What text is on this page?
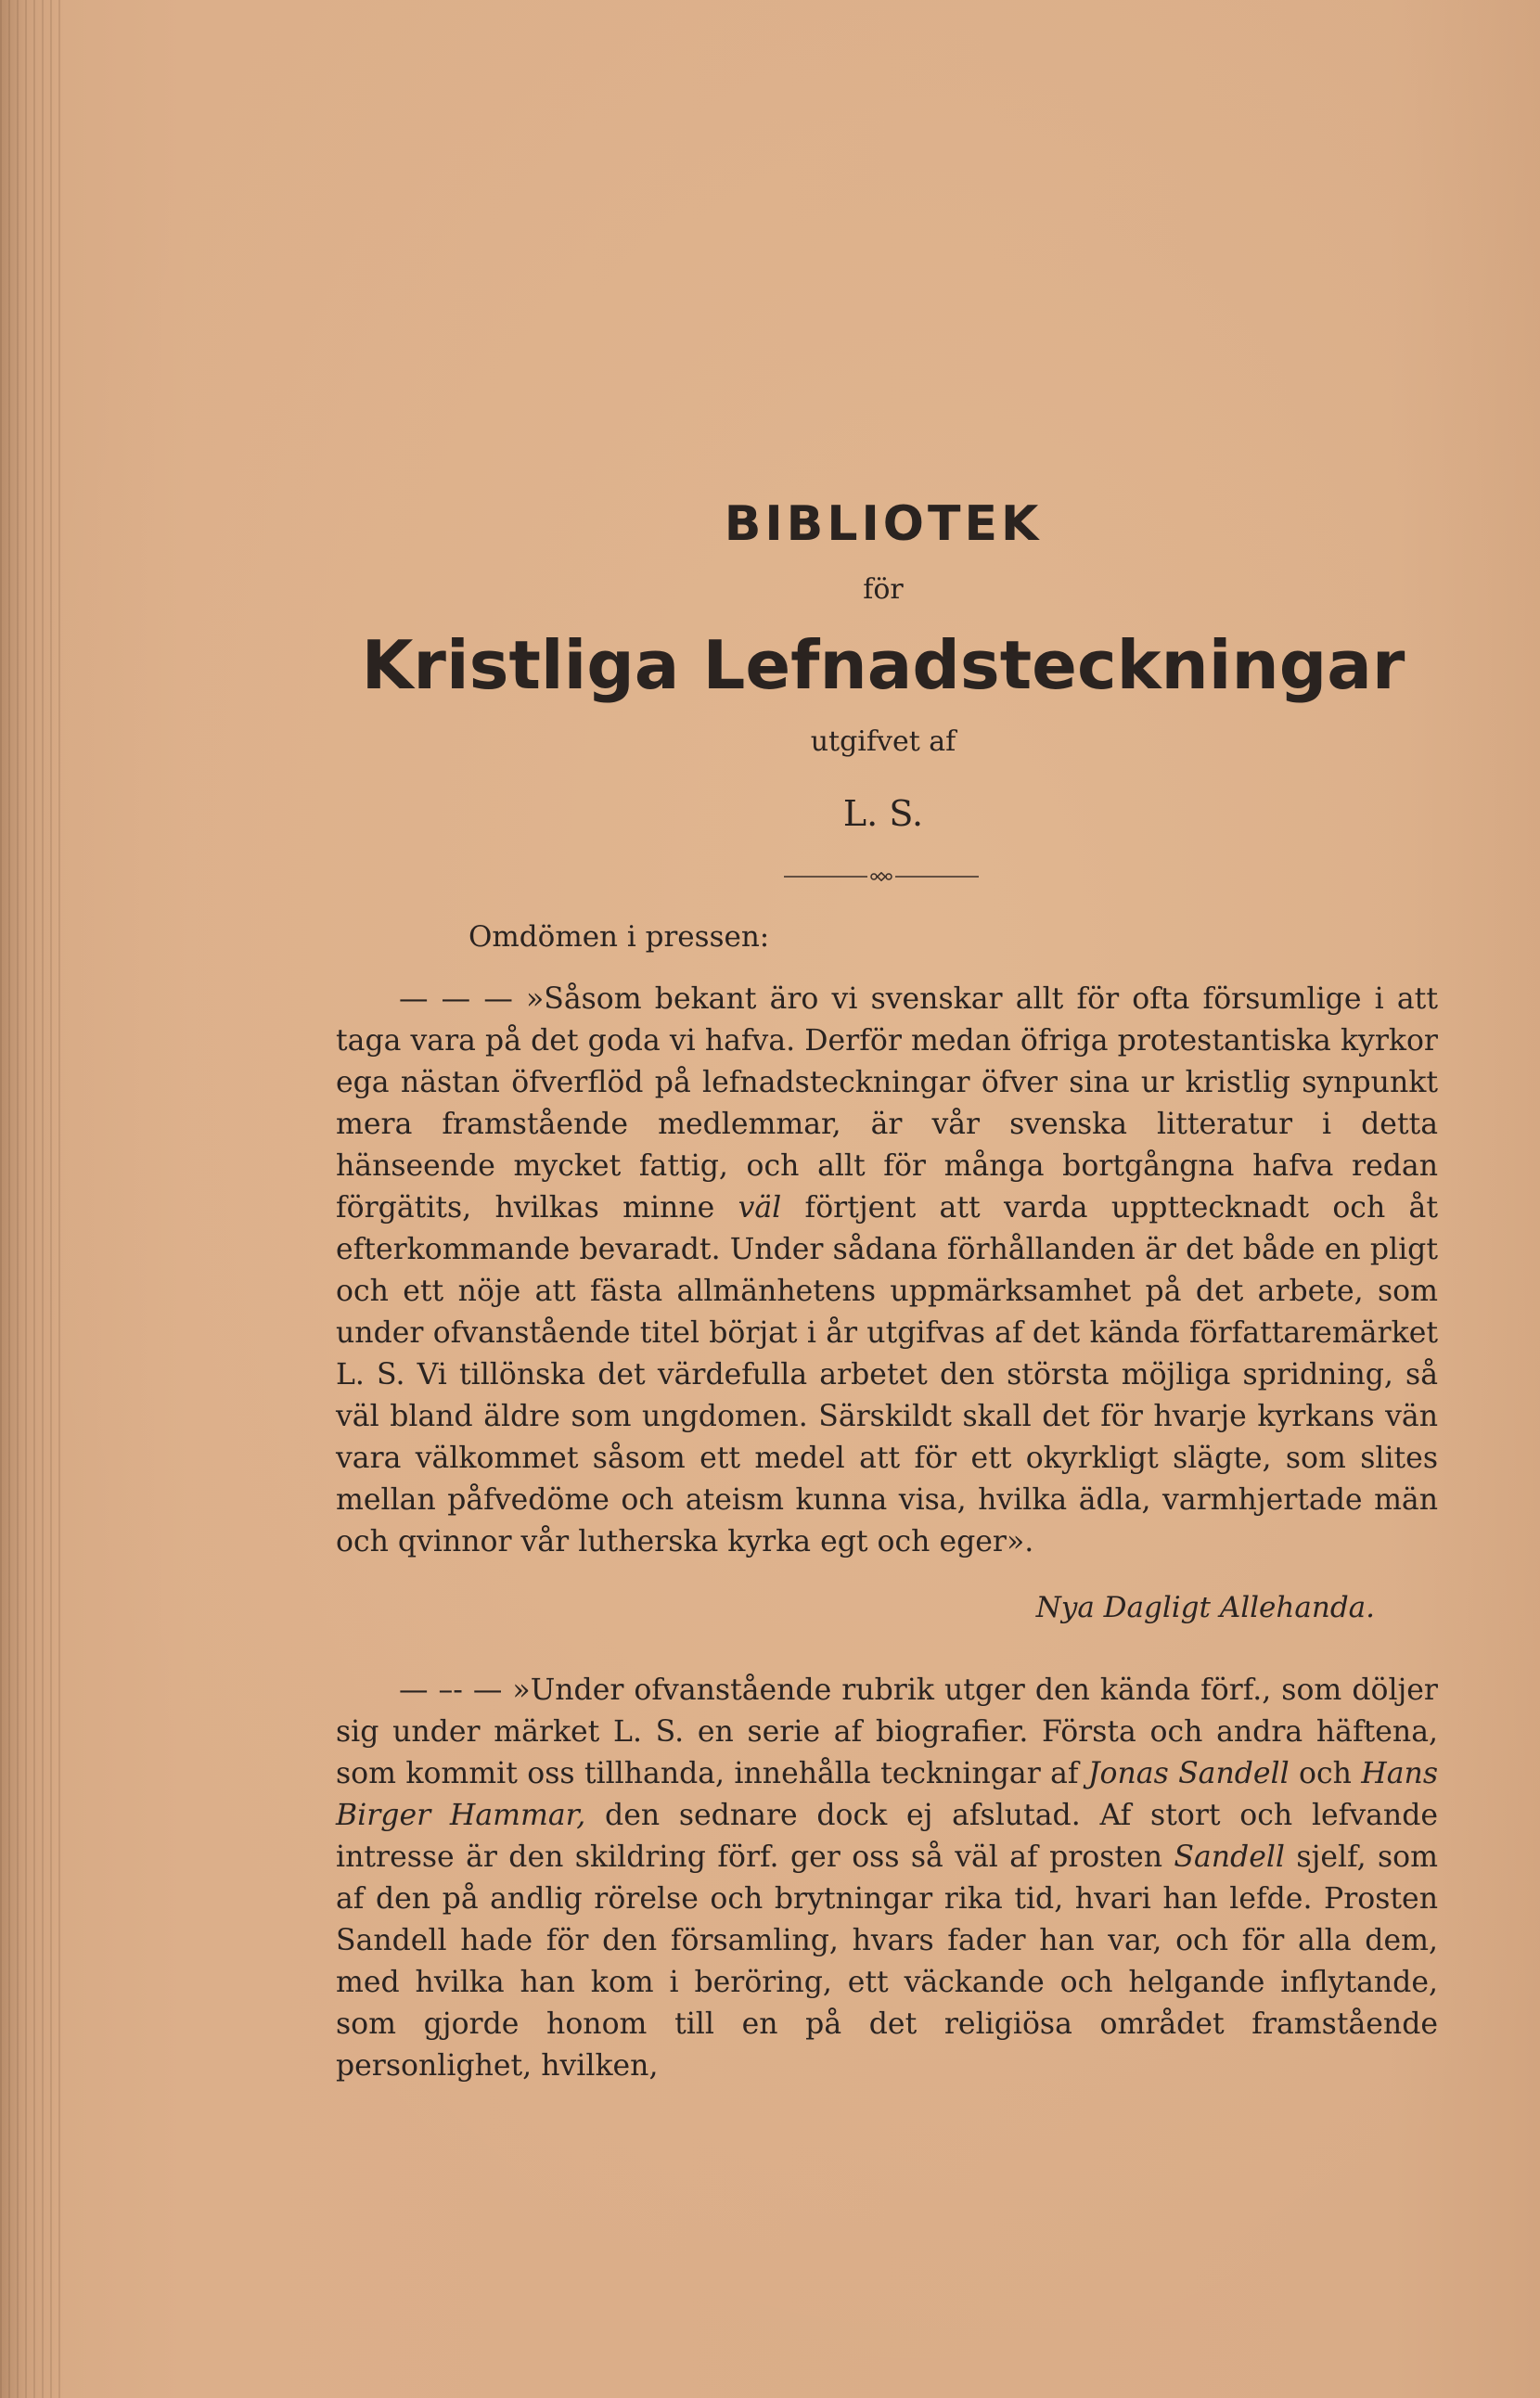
BIBLIOTEK
för
Kristliga Lefnadsteckningar
utgifvet af
L. S.

Omdömen i pressen:

— — — »Såsom bekant äro vi svenskar allt för ofta försumlige i att taga vara på det goda vi hafva. Derför medan öfriga protestantiska kyrkor ega nästan öfverflöd på lefnadsteckningar öfver sina ur kristlig synpunkt mera framstående medlemmar, är vår svenska litteratur i detta hänseende mycket fattig, och allt för många bortgångna hafva redan förgätits, hvilkas minne väl förtjent att varda uppttecknadt och åt efterkommande bevaradt. Under sådana förhållanden är det både en pligt och ett nöje att fästa allmänhetens uppmärksamhet på det arbete, som under ofvanstående titel börjat i år utgifvas af det kända författaremärket L. S. Vi tillönska det värdefulla arbetet den största möjliga spridning, så väl bland äldre som ungdomen. Särskildt skall det för hvarje kyrkans vän vara välkommet såsom ett medel att för ett okyrkligt slägte, som slites mellan påfvedöme och ateism kunna visa, hvilka ädla, varmhjertade män och qvinnor vår lutherska kyrka egt och eger».

Nya Dagligt Allehanda.

— –- — »Under ofvanstående rubrik utger den kända förf., som döljer sig under märket L. S. en serie af biografier. Första och andra häftena, som kommit oss tillhanda, innehålla teckningar af Jonas Sandell och Hans Birger Hammar, den sednare dock ej afslutad. Af stort och lefvande intresse är den skildring förf. ger oss så väl af prosten Sandell sjelf, som af den på andlig rörelse och brytningar rika tid, hvari han lefde. Prosten Sandell hade för den församling, hvars fader han var, och för alla dem, med hvilka han kom i beröring, ett väckande och helgande inflytande, som gjorde honom till en på det religiösa området framstående personlighet, hvilken,
